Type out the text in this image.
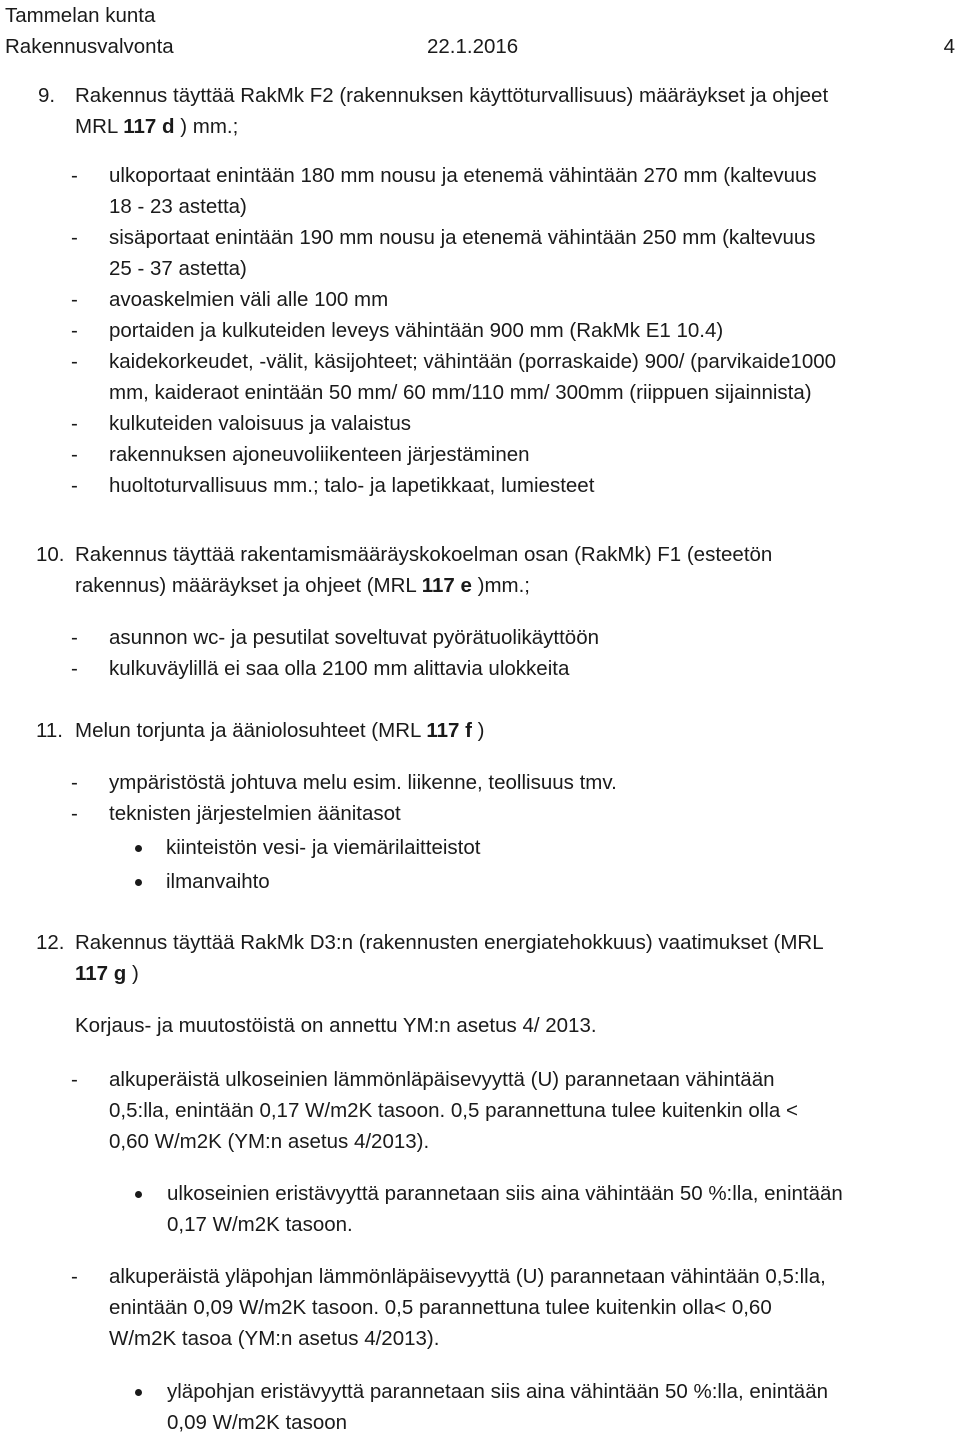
Tammelan kunta
Rakennusvalvonta	22.1.2016	4
9. Rakennus täyttää RakMk F2 (rakennuksen käyttöturvallisuus) määräykset ja ohjeet
MRL 117 d ) mm.;
- ulkoportaat enintään 180 mm nousu ja etenemä vähintään 270 mm (kaltevuus
18 - 23 astetta)
- sisäportaat enintään 190 mm nousu ja etenemä vähintään 250 mm (kaltevuus
25 - 37 astetta)
- avoaskelmien väli alle 100 mm
- portaiden ja kulkuteiden leveys vähintään 900 mm (RakMk E1 10.4)
- kaidekorkeudet, -välit, käsijohteet; vähintään (porraskaide) 900/ (parvikaide1000
mm, kaideraot enintään 50 mm/ 60 mm/110 mm/ 300mm (riippuen sijainnista)
- kulkuteiden valoisuus ja valaistus
- rakennuksen ajoneuvoliikenteen järjestäminen
- huoltoturvallisuus mm.; talo- ja lapetikkaat, lumiesteet
10. Rakennus täyttää rakentamismääräyskokoelman osan (RakMk) F1 (esteetön
rakennus) määräykset ja ohjeet (MRL 117 e )mm.;
- asunnon wc- ja pesutilat soveltuvat pyörätuolikäyttöön
- kulkuväylillä ei saa olla 2100 mm alittavia ulokkeita
11. Melun torjunta ja ääniolosuhteet (MRL 117 f )
- ympäristöstä johtuva melu esim. liikenne, teollisuus tmv.
- teknisten järjestelmien äänitasot
kiinteistön vesi- ja viemärilaitteistot
ilmanvaihto
12. Rakennus täyttää RakMk D3:n (rakennusten energiatehokkuus) vaatimukset (MRL
117 g )
Korjaus- ja muutostöistä on annettu YM:n asetus 4/ 2013.
- alkuperäistä ulkoseinien lämmönläpäisevyyttä (U) parannetaan vähintään
0,5:lla, enintään 0,17 W/m2K tasoon. 0,5 parannettuna tulee kuitenkin olla <
0,60 W/m2K (YM:n asetus 4/2013).
ulkoseinien eristävyyttä parannetaan siis aina vähintään 50 %:lla, enintään
0,17 W/m2K tasoon.
- alkuperäistä yläpohjan lämmönläpäisevyyttä (U) parannetaan vähintään 0,5:lla,
enintään 0,09 W/m2K tasoon. 0,5 parannettuna tulee kuitenkin olla< 0,60
W/m2K tasoa (YM:n asetus 4/2013).
yläpohjan eristävyyttä parannetaan siis aina vähintään 50 %:lla, enintään
0,09 W/m2K tasoon
